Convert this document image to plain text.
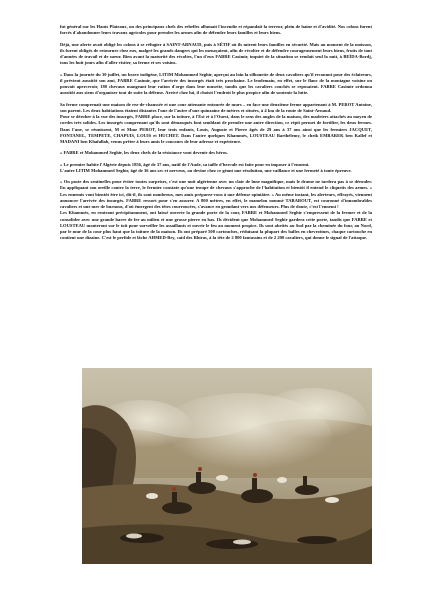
fut général sur les Hauts Plateaux, un des principaux chefs des rebelles allumait l'incendie et répandait la terreur, plein de haine et d'avidité. Nos colons furent forcés d'abandonner leurs travaux agricoles pour prendre les armes afin de défendre leurs familles et leurs biens.

Déjà, une alerte avait obligé les colons à se réfugier à SAINT-ARNAUD, puis à SÉTIF où ils mirent leurs familles en sécurité. Mais au moment de la moisson, ils furent obligés de retourner chez eux, malgré les grands dangers qui les menaçaient, afin de récolter et de défendre courageusement leurs biens, fruits de tant d'années de travail et de sueur. Bien avant la maturité des récoltes, l'un d'eux FABRE Casimir, inquiet de la situation se rendait seul la nuit, à BEÏDA-Bordj, tous les huit jours afin d'aller visiter, sa ferme et ses voisins.

« Dans la journée du 30 juillet, un brave indigène, LITIM Mohammed Seghir, aperçut au loin la silhouette de deux cavaliers qu'il reconnut pour des éclaireurs, il prévient aussitôt son ami, FABRE Casimir, que l'arrivée des insurgés était très prochaine. Le lendemain, en effet, sur le flanc de la montagne voisine on pouvait apercevoir, 180 chevaux mangeant leur ration d'orge dans leur musette, tandis que les cavaliers couchés se reposaient. FABRE Casimir ordonna aussitôt aux siens d'organiser tout de suite la défense. Arrivé chez lui, il choisit l'endroit le plus propice afin de soutenir la lutte.

Sa ferme comprenait une maison de rez-de-chaussée et une cour attenante entourée de murs – en face une deuxième ferme appartenant à M. PEROT Antoine, son parent. Les deux habitations étaient distantes l'une de l'autre d'une quinzaine de mètres et situées, à 4 km de la route de Saint-Arnaud.

Pour se dérober à la vue des insurgés, FABRE place, sur la toiture, à l'Est et à l'Ouest, dans le sens des angles de la maison, des madriers attachés au moyen de cordes très solides. Les insurgés comprenant qu'ils sont démasqués font semblant de prendre une autre direction, ce répit permet de fortifier, les deux fermes. Dans l'une, se réunissent, M et Mme PEROT, leur trois enfants, Louis, Auguste et Pierre âgés de 29 ans à 37 ans ainsi que les fermiers JACQUET, FONTANEL, TEMPETE, CHAPUIS, LOUIS et HUCHET. Dans l'autre quelques Khammès, LOUSTEAU Barthélemy, le cheik EMBAREK ben Kallef et MADANI ben Khafallah, venus prêter à leurs amis le concours de leur adresse et expérience.

« FABRE et Mohammed Seghir, les deux chefs de la résistance vont devenir des héros.

« Le premier habite l'Algérie depuis 1856, âgé de 37 ans, natif de l'Aude, sa taille d'hercule est faite pour en imposer à l'ennemi.

L'autre LITIM Mohammed Seghir, âgé de 36 ans sec et nerveux, on devine chez ce géant une résolution, une vaillance et une fermeté à toute épreuve.

« On poste des sentinelles pour éviter toutes surprises, c'est une nuit algérienne avec un clair de lune magnifique, mais le drame ne tardera pas à se dérouler. En appliquant son oreille contre la terre, le fermier constate qu'une troupe de chevaux s'approche de l'habitation et bientôt il entend le cliquetis des armes. « Les ennemis vont bientôt être ici, dit-il, ils sont nombreux, mes amis préparez-vous à une défense opiniâtre. » Au même instant, les alerteurs, effrayés, viennent annoncer l'arrivée des insurgés. FABRE ressort pour s'en assurer. A 800 mètres, en effet, le mamelon nommé TABAROUT, est couronné d'innombrables cavaliers et une mer de burnous, d'où émergent des têtes courroucées, s'avance en grondant vers nos défenseurs. Plus de doute, c'est l'ennemi !

Les Khammès, en rentrant précipitamment, ont laissé ouverte la grande porte de la cour, FABRE et Mohammed Seghir s'empressent de la fermer et de la consolider avec une grande barre de fer au milieu et une grosse pierre en bas. Ils décident que Mohammed Seghir gardera cette porte, tandis que FABRE et LOUSTEAU monteront sur le toit pour surveiller les assaillants et ouvrir le feu au moment propice. Ils sont abrités au Sud par la cheminée du four, au Nord, par le mur de la cour plus haut que la toiture de la maison. Ils ont préparé 500 cartouches, réduisant la plupart des balles en chevrotines, chaque cartouche en contient une dizaine. C'est le perfide et lâche AHMED-Bey, caïd des Rhiras, à la tête de 2 800 fantassins et de 2 200 cavaliers, qui donne le signal de l'attaque.
